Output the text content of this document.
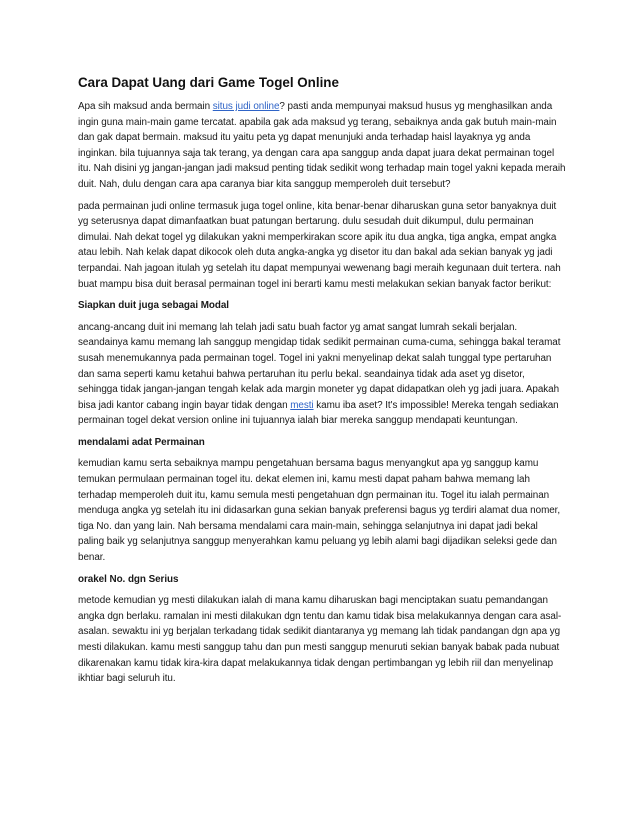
Cara Dapat Uang dari Game Togel Online

Apa sih maksud anda bermain situs judi online? pasti anda mempunyai maksud husus yg menghasilkan anda ingin guna main-main game tercatat. apabila gak ada maksud yg terang, sebaiknya anda gak butuh main-main dan gak dapat bermain. maksud itu yaitu peta yg dapat menunjuki anda terhadap haisl layaknya yg anda inginkan. bila tujuannya saja tak terang, ya dengan cara apa sanggup anda dapat juara dekat permainan togel itu. Nah disini yg jangan-jangan jadi maksud penting tidak sedikit wong terhadap main togel yakni kepada meraih duit. Nah, dulu dengan cara apa caranya biar kita sanggup memperoleh duit tersebut?

pada permainan judi online termasuk juga togel online, kita benar-benar diharuskan guna setor banyaknya duit yg seterusnya dapat dimanfaatkan buat patungan bertarung. dulu sesudah duit dikumpul, dulu permainan dimulai. Nah dekat togel yg dilakukan yakni memperkirakan score apik itu dua angka, tiga angka, empat angka atau lebih. Nah kelak dapat dikocok oleh duta angka-angka yg disetor itu dan bakal ada sekian banyak yg jadi terpandai. Nah jagoan itulah yg setelah itu dapat mempunyai wewenang bagi meraih kegunaan duit tertera. nah buat mampu bisa duit berasal permainan togel ini berarti kamu mesti melakukan sekian banyak factor berikut:

Siapkan duit juga sebagai Modal

ancang-ancang duit ini memang lah telah jadi satu buah factor yg amat sangat lumrah sekali berjalan. seandainya kamu memang lah sanggup mengidap tidak sedikit permainan cuma-cuma, sehingga bakal teramat susah menemukannya pada permainan togel. Togel ini yakni menyelinap dekat salah tunggal type pertaruhan dan sama seperti kamu ketahui bahwa pertaruhan itu perlu bekal. seandainya tidak ada aset yg disetor, sehingga tidak jangan-jangan tengah kelak ada margin moneter yg dapat didapatkan oleh yg jadi juara. Apakah bisa jadi kantor cabang ingin bayar tidak dengan mesti kamu iba aset? It's impossible! Mereka tengah sediakan permainan togel dekat version online ini tujuannya ialah biar mereka sanggup mendapati keuntungan.

mendalami adat Permainan

kemudian kamu serta sebaiknya mampu pengetahuan bersama bagus menyangkut apa yg sanggup kamu temukan permulaan permainan togel itu. dekat elemen ini, kamu mesti dapat paham bahwa memang lah terhadap memperoleh duit itu, kamu semula mesti pengetahuan dgn permainan itu. Togel itu ialah permainan menduga angka yg setelah itu ini didasarkan guna sekian banyak preferensi bagus yg terdiri alamat dua nomer, tiga No. dan yang lain. Nah bersama mendalami cara main-main, sehingga selanjutnya ini dapat jadi bekal paling baik yg selanjutnya sanggup menyerahkan kamu peluang yg lebih alami bagi dijadikan seleksi gede dan benar.

orakel No. dgn Serius

metode kemudian yg mesti dilakukan ialah di mana kamu diharuskan bagi menciptakan suatu pemandangan angka dgn berlaku. ramalan ini mesti dilakukan dgn tentu dan kamu tidak bisa melakukannya dengan cara asal-asalan. sewaktu ini yg berjalan terkadang tidak sedikit diantaranya yg memang lah tidak pandangan dgn apa yg mesti dilakukan. kamu mesti sanggup tahu dan pun mesti sanggup menuruti sekian banyak babak pada nubuat dikarenakan kamu tidak kira-kira dapat melakukannya tidak dengan pertimbangan yg lebih riil dan menyelinap ikhtiar bagi seluruh itu.
